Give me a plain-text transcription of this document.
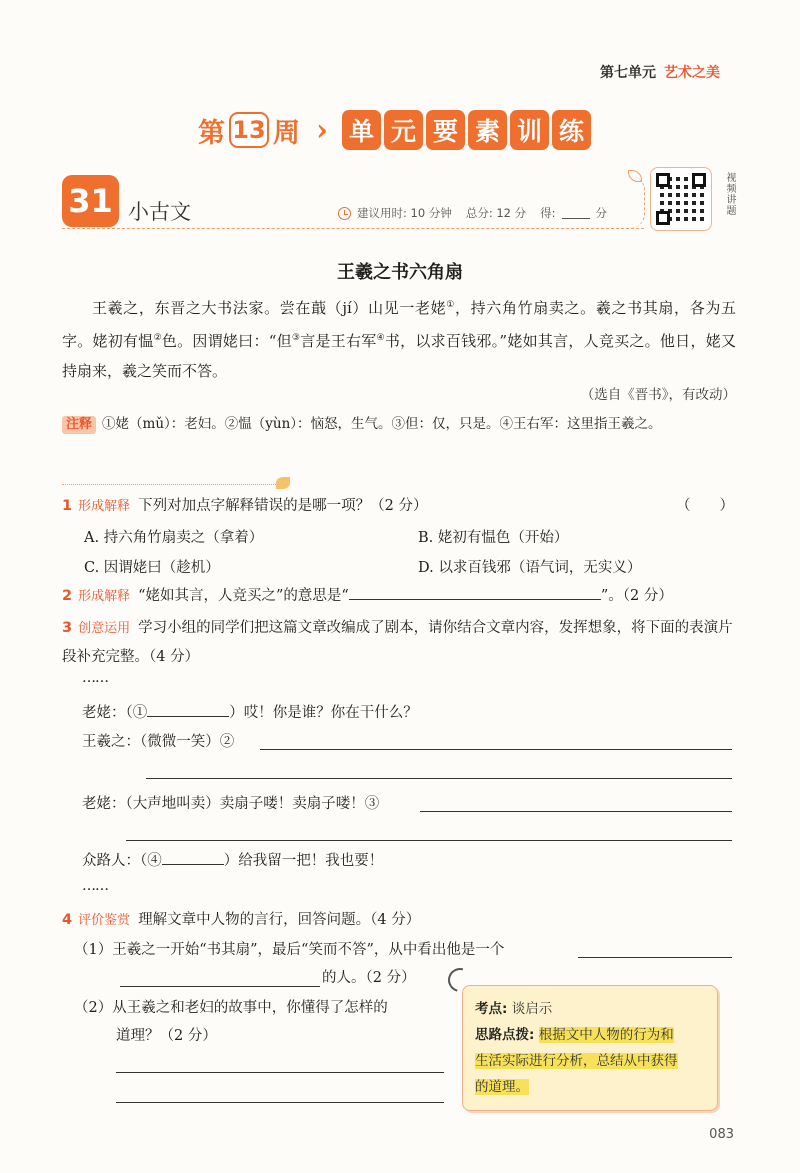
第七单元 艺术之美
第 13 周 › 单 元 要 素 训 练
31 小古文	建议用时: 10 分钟 总分: 12 分 得:	分	视频讲题
王羲之书六角扇
王羲之，东晋之大书法家。尝在蕺（jí）山见一老姥①，持六角竹扇卖之。羲之书其扇，各为五字。姥初有愠②色。因谓姥曰：“但③言是王右军④书，以求百钱邪。”姥如其言，人竞买之。他日，姥又持扇来，羲之笑而不答。
（选自《晋书》，有改动）
注释 ①姥（mǔ）：老妇。②愠（yùn）：恼怒，生气。③但：仅，只是。④王右军：这里指王羲之。
1 形成解释 下列对加点字解释错误的是哪一项？（2 分）	（　　）
A. 持六角竹扇卖之（拿着）	B. 姥初有愠色（开始）
C. 因谓姥曰（趁机）	D. 以求百钱邪（语气词，无实义）
2 形成解释 “姥如其言，人竞买之”的意思是“	”。（2 分）
3 创意运用 学习小组的同学们把这篇文章改编成了剧本，请你结合文章内容，发挥想象，将下面的表演片段补充完整。（4 分）
……
老姥：（①	）哎！你是谁？你在干什么？
王羲之：（微微一笑）②
老姥：（大声地叫卖）卖扇子喽！卖扇子喽！③
众路人：（④	）给我留一把！我也要！
……
4 评价鉴赏 理解文章中人物的言行，回答问题。（4 分）
（1）王羲之一开始“书其扇”，最后“笑而不答”，从中看出他是一个
的人。（2 分）
（2）从王羲之和老妇的故事中，你懂得了怎样的
道理？（2 分）
考点: 谈启示
思路点拨: 根据文中人物的行为和
生活实际进行分析，总结从中获得
的道理。
083
